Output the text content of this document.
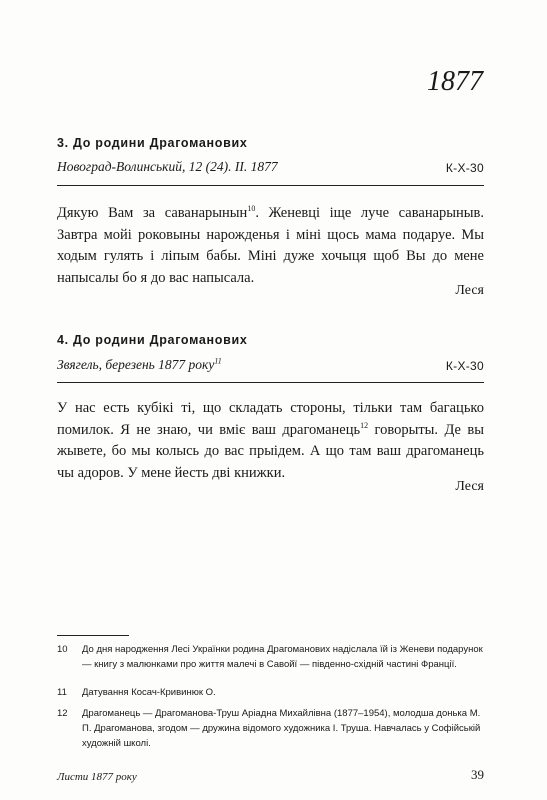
1877
3. До родини Драгоманових
Новоград-Волинський, 12 (24). ІІ. 1877	К-Х-30
Дякую Вам за саванарынын$^{10}$. Женевці іще луче саванарыныв. Завтра мойі роковыны нарожденья і міні щось мама подаруе. Мы ходым гулять і ліпым бабы. Міні дуже хочыця щоб Вы до мене напысалы бо я до вас напысала.
Леся
4. До родини Драгоманових
Звягель, березень 1877 року$^{11}$	К-Х-30
У нас есть кубікі ті, що складать стороны, тільки там багацько помилок. Я не знаю, чи вміє ваш драгоманець$^{12}$ говорыты. Де вы жывете, бо мы колысь до вас прыідем. А що там ваш драгоманець чы адоров. У мене йесть дві книжки.
Леся
10 До дня народження Лесі Українки родина Драгоманових надіслала їй із Женеви подарунок — книгу з малюнками про життя малечі в Савойї — південно-східній частині Франції.
11 Датування Косач-Кривинюк О.
12 Драгоманець — Драгоманова-Труш Аріадна Михайлівна (1877–1954), молодша донька М. П. Драгоманова, згодом — дружина відомого художника І. Труша. Навчалась у Софійській художній школі.
Листи 1877 року	39
